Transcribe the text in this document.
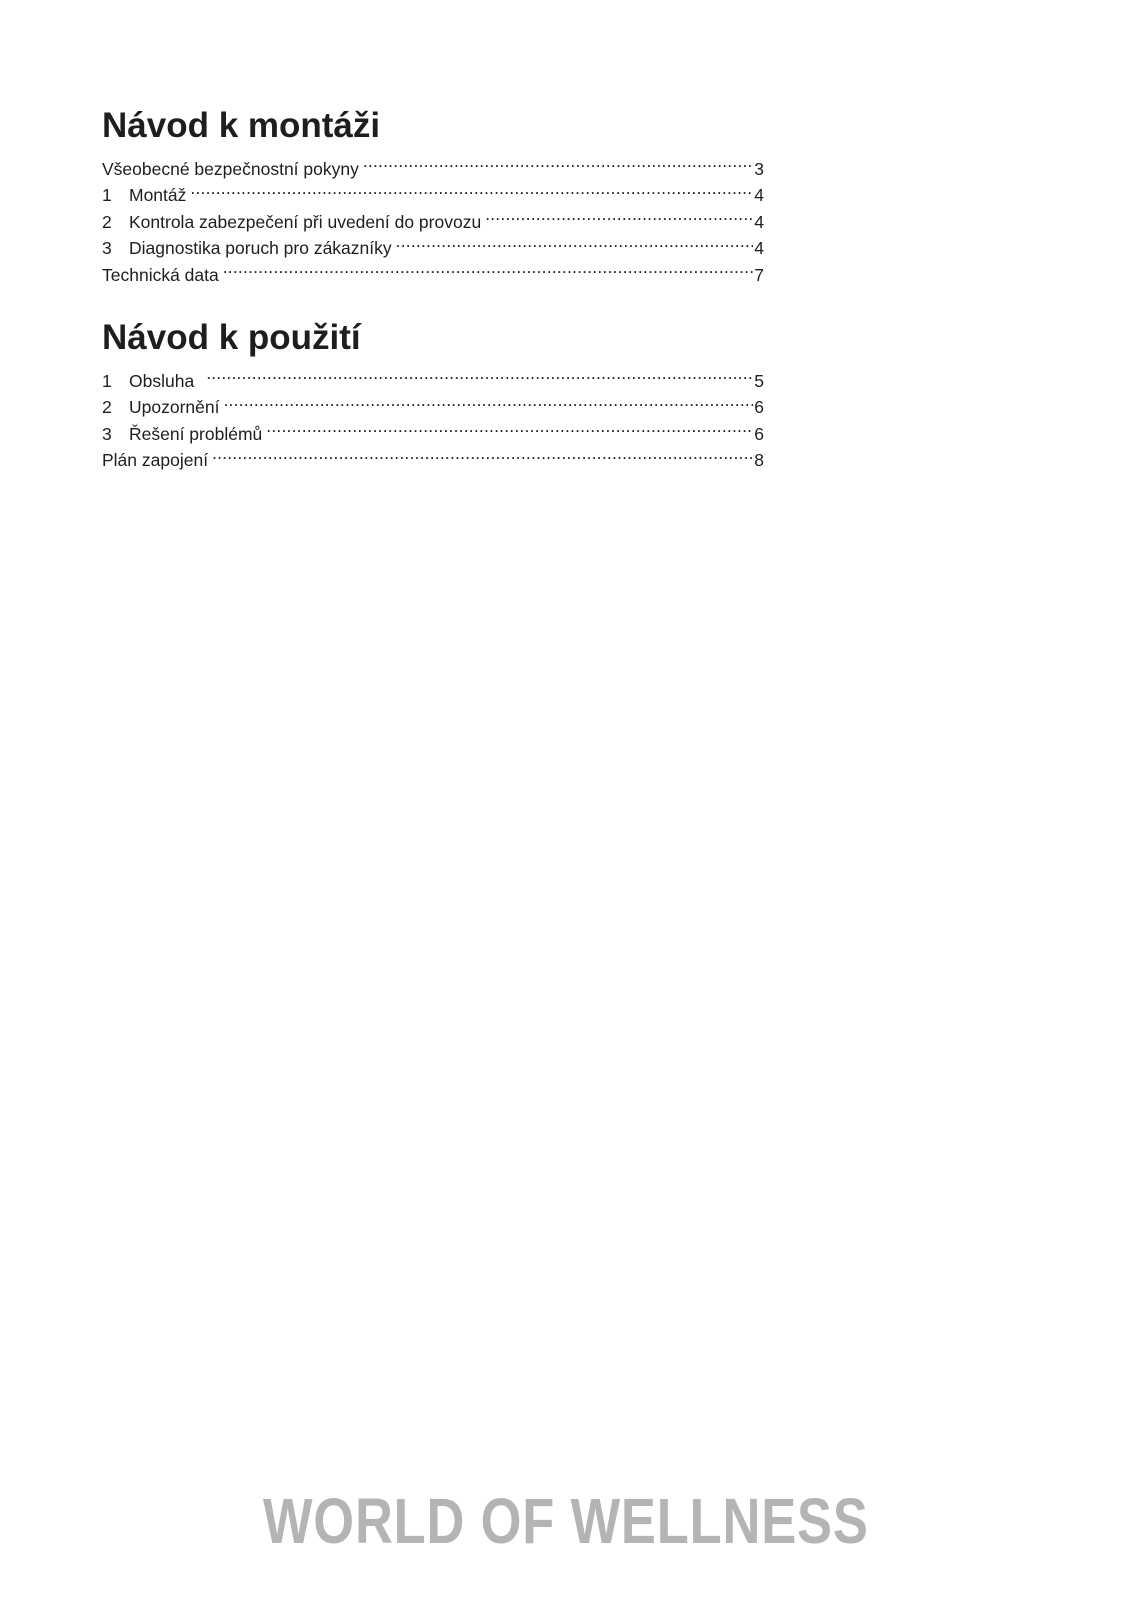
Návod k montáži
Všeobecné bezpečnostní pokyny .....	3
1 Montáž .....	4
2 Kontrola zabezpečení při uvedení do provozu .....	4
3 Diagnostika poruch pro zákazníky .....	4
Technická data .....	7
Návod k použití
1 Obsluha .....	5
2 Upozornění .....	6
3 Řešení problémů .....	6
Plán zapojení .....	8
WORLD OF WELLNESS
